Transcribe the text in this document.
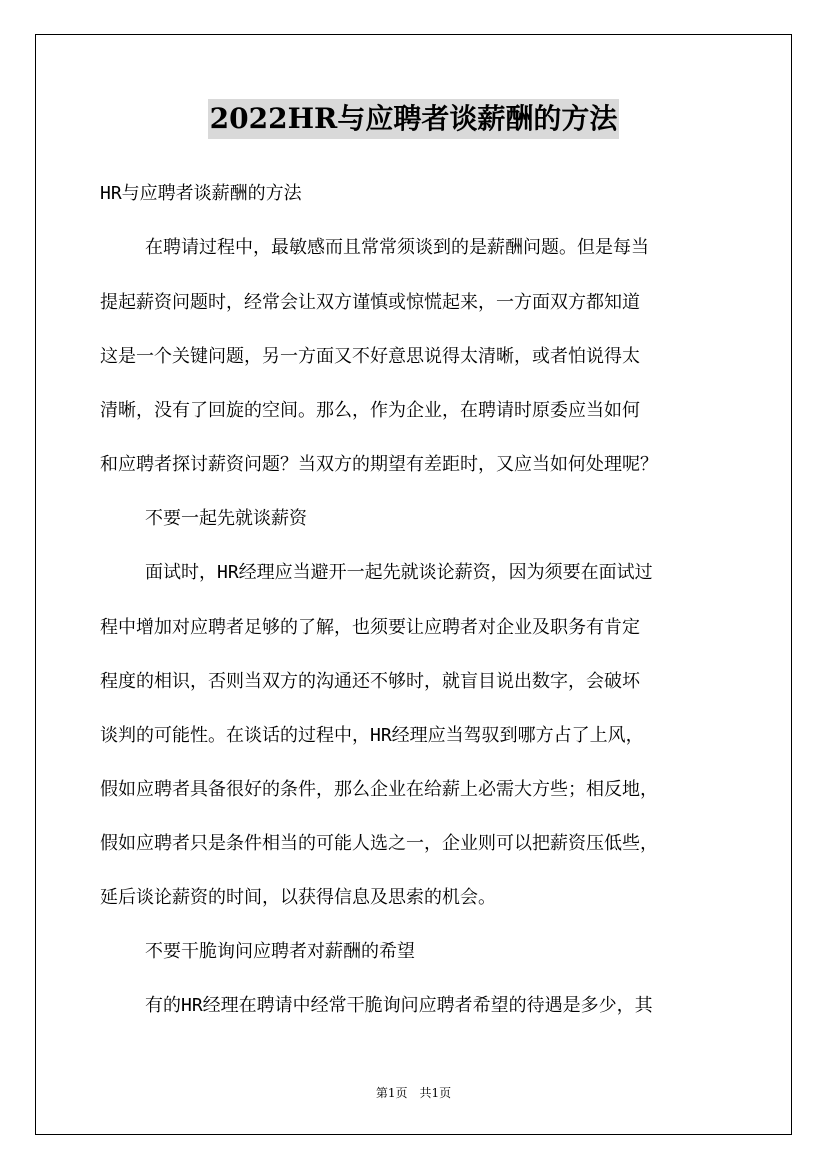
2022HR与应聘者谈薪酬的方法
HR与应聘者谈薪酬的方法
在聘请过程中，最敏感而且常常须谈到的是薪酬问题。但是每当
提起薪资问题时，经常会让双方谨慎或惊慌起来，一方面双方都知道
这是一个关键问题，另一方面又不好意思说得太清晰，或者怕说得太
清晰，没有了回旋的空间。那么，作为企业，在聘请时原委应当如何
和应聘者探讨薪资问题？当双方的期望有差距时，又应当如何处理呢？
不要一起先就谈薪资
面试时，HR经理应当避开一起先就谈论薪资，因为须要在面试过
程中增加对应聘者足够的了解，也须要让应聘者对企业及职务有肯定
程度的相识，否则当双方的沟通还不够时，就盲目说出数字，会破坏
谈判的可能性。在谈话的过程中，HR经理应当驾驭到哪方占了上风，
假如应聘者具备很好的条件，那么企业在给薪上必需大方些；相反地，
假如应聘者只是条件相当的可能人选之一，企业则可以把薪资压低些，
延后谈论薪资的时间，以获得信息及思索的机会。
不要干脆询问应聘者对薪酬的希望
有的HR经理在聘请中经常干脆询问应聘者希望的待遇是多少，其
第1页　共1页
